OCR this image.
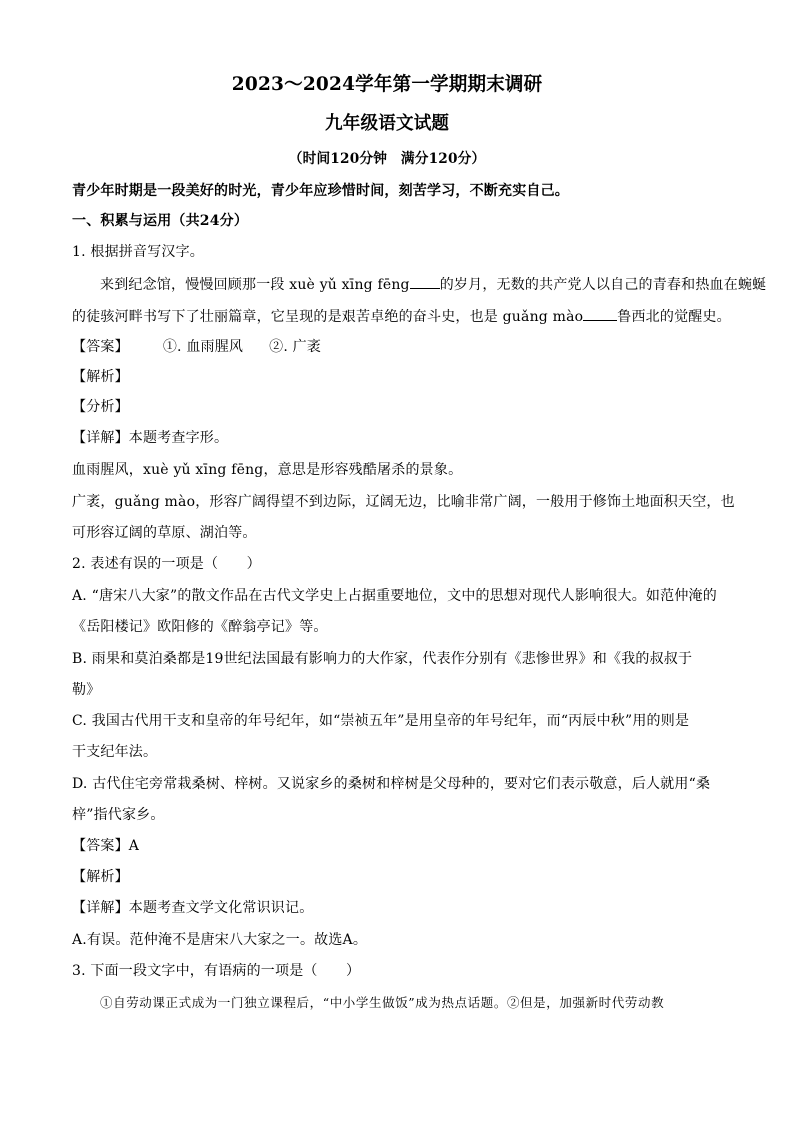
2023～2024学年第一学期期末调研
九年级语文试题
（时间120分钟　满分120分）
青少年时期是一段美好的时光，青少年应珍惜时间，刻苦学习，不断充实自己。
一、积累与运用（共24分）
1. 根据拼音写汉字。
来到纪念馆，慢慢回顾那一段 xuè yǔ xīng fēng 的岁月，无数的共产党人以自己的青春和热血在蜿蜒
的徒骇河畔书写下了壮丽篇章，它呈现的是艰苦卓绝的奋斗史，也是 guǎng mào 鲁西北的觉醒史。
【答案】 ①. 血雨腥风 ②. 广袤
【解析】
【分析】
【详解】本题考查字形。
血雨腥风，xuè yǔ xīng fēng，意思是形容残酷屠杀的景象。
广袤，guǎng mào，形容广阔得望不到边际，辽阔无边，比喻非常广阔，一般用于修饰土地面积天空，也
可形容辽阔的草原、湖泊等。
2. 表述有误的一项是（　　）
A. “唐宋八大家”的散文作品在古代文学史上占据重要地位，文中的思想对现代人影响很大。如范仲淹的
《岳阳楼记》欧阳修的《醉翁亭记》等。
B. 雨果和莫泊桑都是19世纪法国最有影响力的大作家，代表作分别有《悲惨世界》和《我的叔叔于
勒》
C. 我国古代用干支和皇帝的年号纪年，如“崇祯五年”是用皇帝的年号纪年，而“丙辰中秋”用的则是
干支纪年法。
D. 古代住宅旁常栽桑树、梓树。又说家乡的桑树和梓树是父母种的，要对它们表示敬意，后人就用“桑
梓”指代家乡。
【答案】A
【解析】
【详解】本题考查文学文化常识识记。
A.有误。范仲淹不是唐宋八大家之一。故选A。
3. 下面一段文字中，有语病的一项是（　　）
①自劳动课正式成为一门独立课程后，“中小学生做饭”成为热点话题。②但是，加强新时代劳动教
